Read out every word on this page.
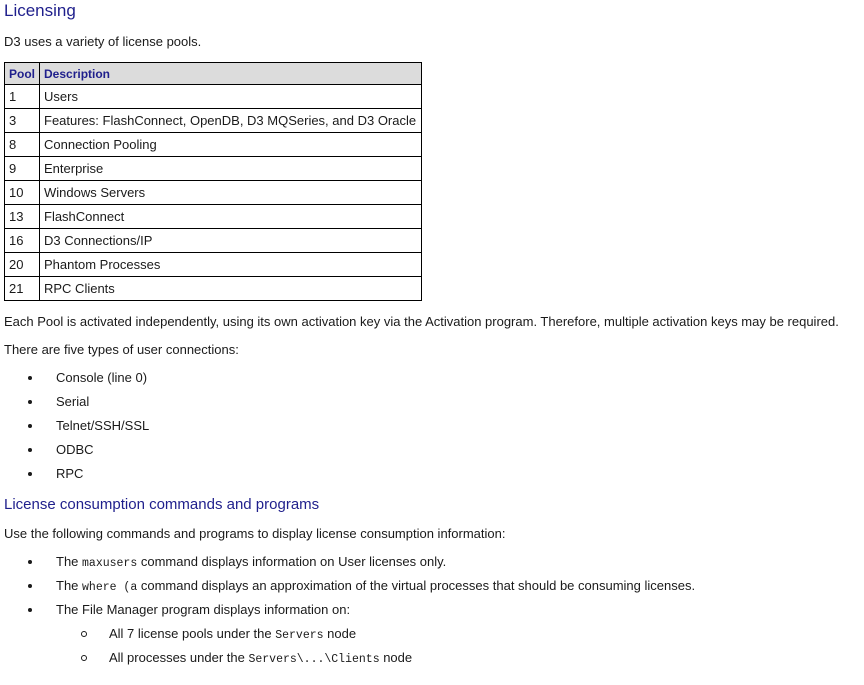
Licensing

D3 uses a variety of license pools.

Pool	Description
1	Users
3	Features: FlashConnect, OpenDB, D3 MQSeries, and D3 Oracle
8	Connection Pooling
9	Enterprise
10	Windows Servers
13	FlashConnect
16	D3 Connections/IP
20	Phantom Processes
21	RPC Clients

Each Pool is activated independently, using its own activation key via the Activation program. Therefore, multiple activation keys may be required.

There are five types of user connections:

Console (line 0)
Serial
Telnet/SSH/SSL
ODBC
RPC
License consumption commands and programs

Use the following commands and programs to display license consumption information:

The maxusers command displays information on User licenses only.
The where (a command displays an approximation of the virtual processes that should be consuming licenses.
The File Manager program displays information on:
All 7 license pools under the Servers node
All processes under the Servers\...\Clients node
